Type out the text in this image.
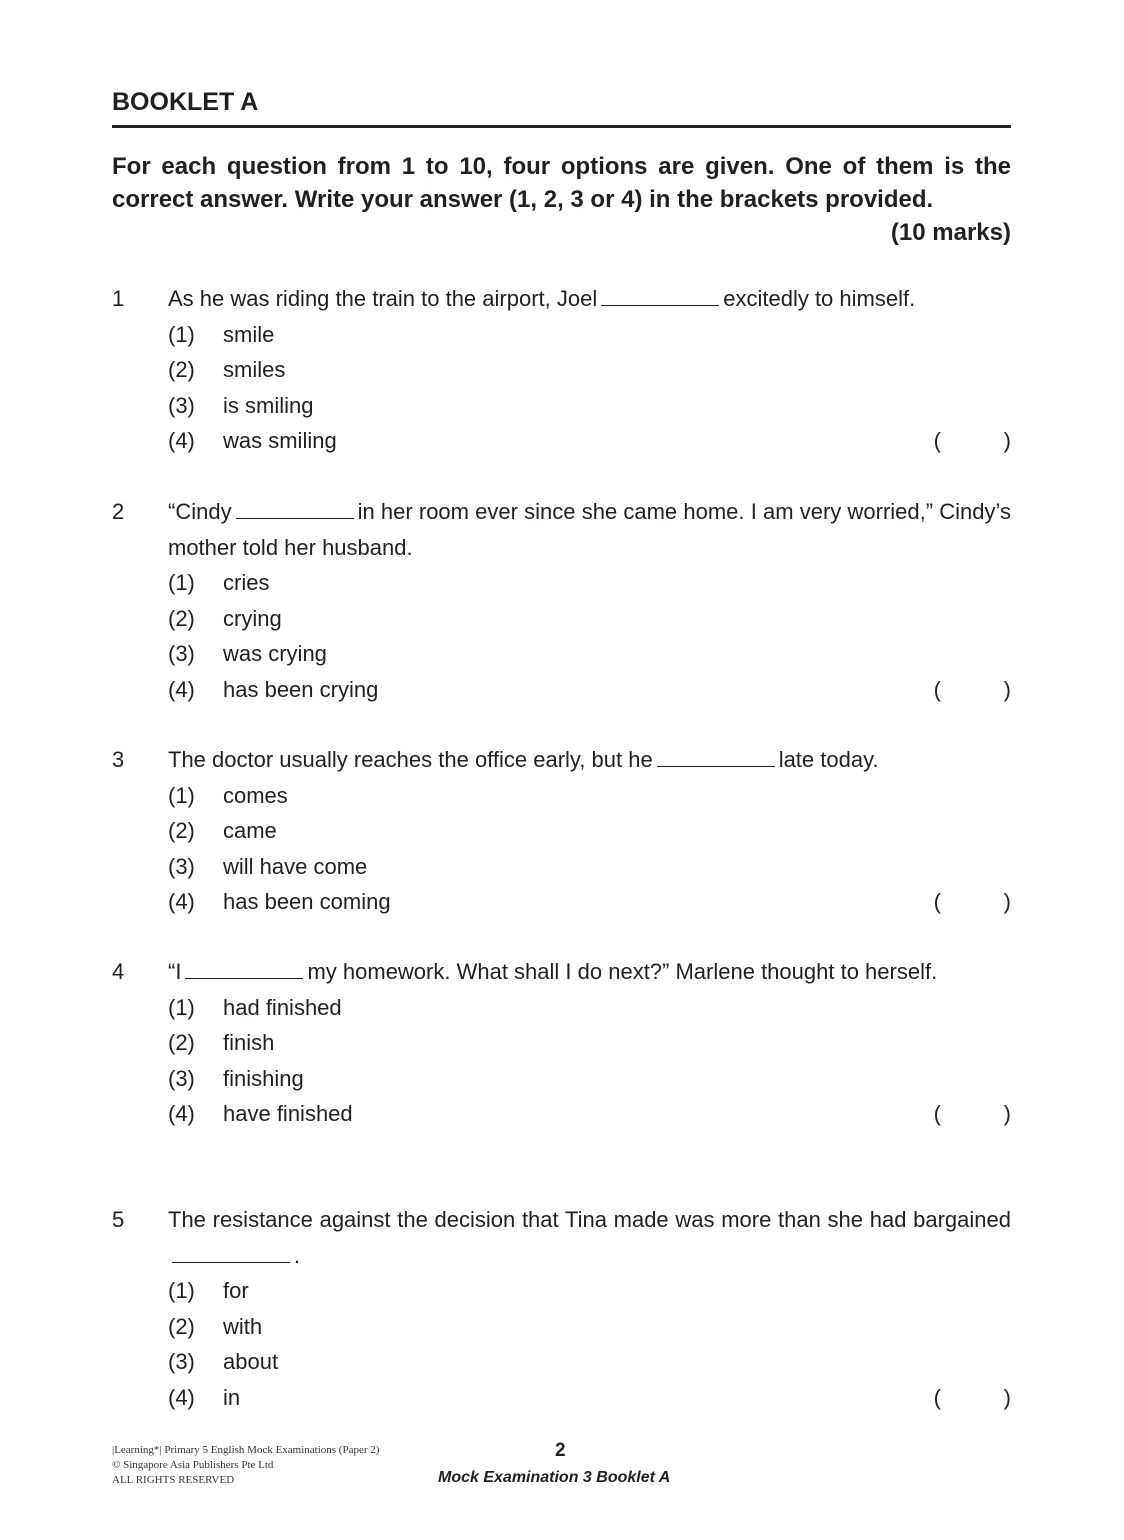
BOOKLET A
For each question from 1 to 10, four options are given. One of them is the correct answer. Write your answer (1, 2, 3 or 4) in the brackets provided.
(10 marks)
1 As he was riding the train to the airport, Joel	excitedly to himself.
(1) smile
(2) smiles
(3) is smiling
(4) was smiling	(	)
2 “Cindy	in her room ever since she came home. I am very worried,” Cindy’s mother told her husband.
(1) cries
(2) crying
(3) was crying
(4) has been crying	(	)
3 The doctor usually reaches the office early, but he	late today.
(1) comes
(2) came
(3) will have come
(4) has been coming	(	)
4 “I	my homework. What shall I do next?” Marlene thought to herself.
(1) had finished
(2) finish
(3) finishing
(4) have finished	(	)
5 The resistance against the decision that Tina made was more than she had bargained.
(1) for
(2) with
(3) about
(4) in	(	)
|Learning*| Primary 5 English Mock Examinations (Paper 2)
© Singapore Asia Publishers Pte Ltd
ALL RIGHTS RESERVED
2
Mock Examination 3 Booklet A
